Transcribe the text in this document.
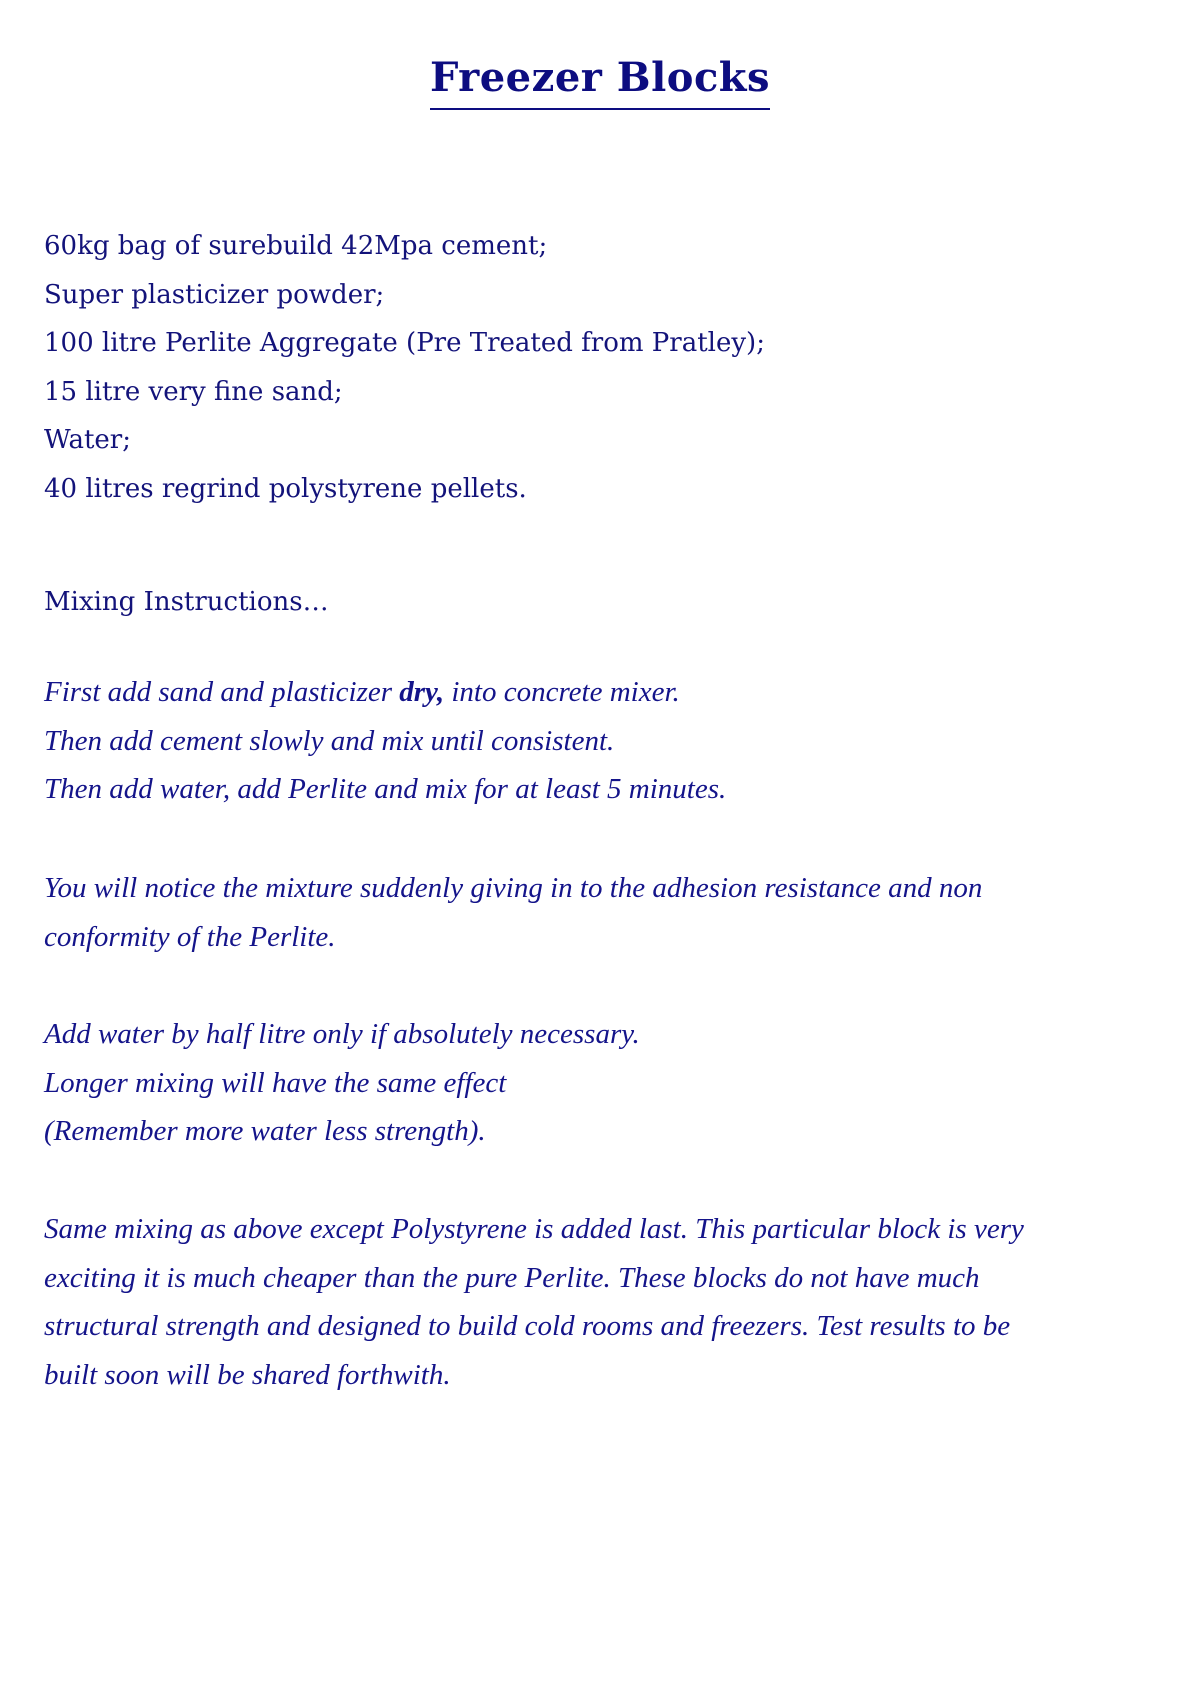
Freezer Blocks

60kg bag of surebuild 42Mpa cement;

Super plasticizer powder;

100 litre Perlite Aggregate (Pre Treated from Pratley);

15 litre very fine sand;

Water;

40 litres regrind polystyrene pellets.

Mixing Instructions…

First add sand and plasticizer dry, into concrete mixer.

Then add cement slowly and mix until consistent.

Then add water, add Perlite and mix for at least 5 minutes.

You will notice the mixture suddenly giving in to the adhesion resistance and non

conformity of the Perlite.

Add water by half litre only if absolutely necessary.

Longer mixing will have the same effect

(Remember more water less strength).

Same mixing as above except Polystyrene is added last. This particular block is very

exciting it is much cheaper than the pure Perlite. These blocks do not have much

structural strength and designed to build cold rooms and freezers. Test results to be

built soon will be shared forthwith.
